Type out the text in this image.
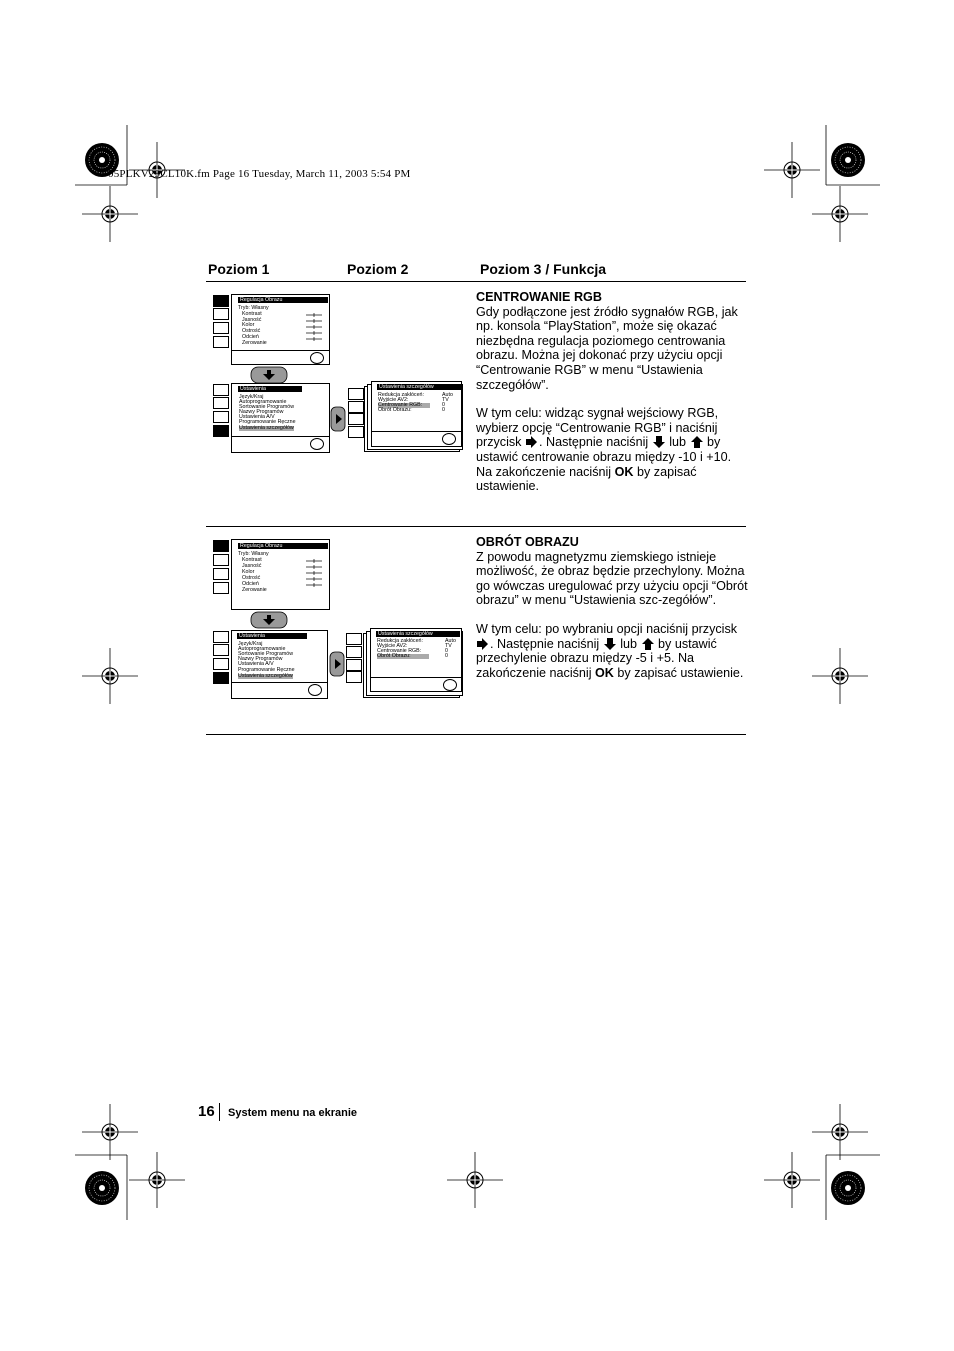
05PLKV29CL10K.fm Page 16 Tuesday, March 11, 2003 5:54 PM
Poziom 1	Poziom 2	Poziom 3 / Funkcja
Regulacja Obrazu
Tryb: Własny
Kontrast
Jasność
Kolor
Ostrość
Odcień
Zerowanie
Ustawienia
Język/Kraj
Autoprogramowanie
Sortowanie Programów
Nazwy Programów
Ustawienia A/V
Programowanie Ręczne
Ustawienia szczegółów
Ustawienia szczegółów
Redukcja zakłóceń:
Wyjście AV2:
Centrowanie RGB:
Obrót Obrazu:
Auto
TV
0
0
CENTROWANIE RGB
Gdy podłączone jest źródło sygnałów RGB, jak np. konsola “PlayStation”, może się okazać niezbędna regulacja poziomego centrowania obrazu. Można jej dokonać przy użyciu opcji “Centrowanie RGB” w menu “Ustawienia szczegółów”.
W tym celu: widząc sygnał wejściowy RGB, wybierz opcję “Centrowanie RGB” i naciśnij przycisk . Następnie naciśnij lub by ustawić centrowanie obrazu między -10 i +10. Na zakończenie naciśnij OK by zapisać ustawienie.
Regulacja Obrazu
Tryb: Własny
Kontrast
Jasność
Kolor
Ostrość
Odcień
Zerowanie
Ustawienia
Język/Kraj
Autoprogramowanie
Sortowanie Programów
Nazwy Programów
Ustawienia A/V
Programowanie Ręczne
Ustawienia szczegółów
Ustawienia szczegółów
Redukcja zakłóceń:
Wyjście AV2:
Centrowanie RGB:
Obrót Obrazu:
Auto
TV
0
0
OBRÓT OBRAZU
Z powodu magnetyzmu ziemskiego istnieje możliwość, że obraz będzie przechylony. Można go wówczas uregulować przy użyciu opcji “Obrót obrazu” w menu “Ustawienia szc-zegółów”.
W tym celu: po wybraniu opcji naciśnij przycisk . Następnie naciśnij lub by ustawić przechylenie obrazu między -5 i +5. Na zakończenie naciśnij OK by zapisać ustawienie.
16 System menu na ekranie
